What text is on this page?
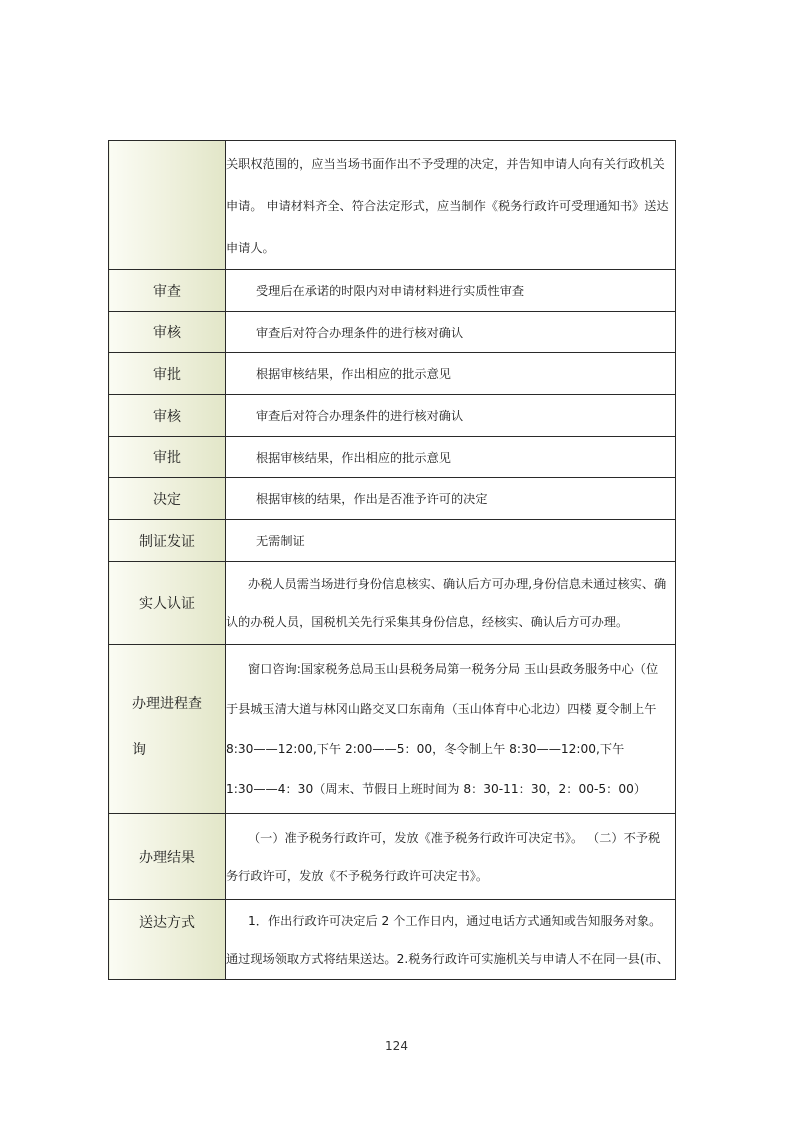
	关职权范围的，应当当场书面作出不予受理的决定，并告知申请人向有关行政机关
申请。 申请材料齐全、符合法定形式，应当制作《税务行政许可受理通知书》送达
申请人。

审查	受理后在承诺的时限内对申请材料进行实质性审查

审核	审查后对符合办理条件的进行核对确认

审批	根据审核结果，作出相应的批示意见

审核	审查后对符合办理条件的进行核对确认

审批	根据审核结果，作出相应的批示意见

决定	根据审核的结果，作出是否准予许可的决定

制证发证	无需制证

实人认证	办税人员需当场进行身份信息核实、确认后方可办理,身份信息未通过核实、确
认的办税人员，国税机关先行采集其身份信息，经核实、确认后方可办理。

办理进程查
询	窗口咨询:国家税务总局玉山县税务局第一税务分局 玉山县政务服务中心（位
于县城玉清大道与林冈山路交叉口东南角（玉山体育中心北边）四楼 夏令制上午
8:30——12:00,下午 2:00——5：00，冬令制上午 8:30——12:00,下午
1:30——4：30（周末、节假日上班时间为 8：30-11：30，2：00-5：00）

办理结果	（一）准予税务行政许可，发放《准予税务行政许可决定书》。 （二）不予税
务行政许可，发放《不予税务行政许可决定书》。

送达方式	1．作出行政许可决定后 2 个工作日内，通过电话方式通知或告知服务对象。
通过现场领取方式将结果送达。2.税务行政许可实施机关与申请人不在同一县(市、
124
